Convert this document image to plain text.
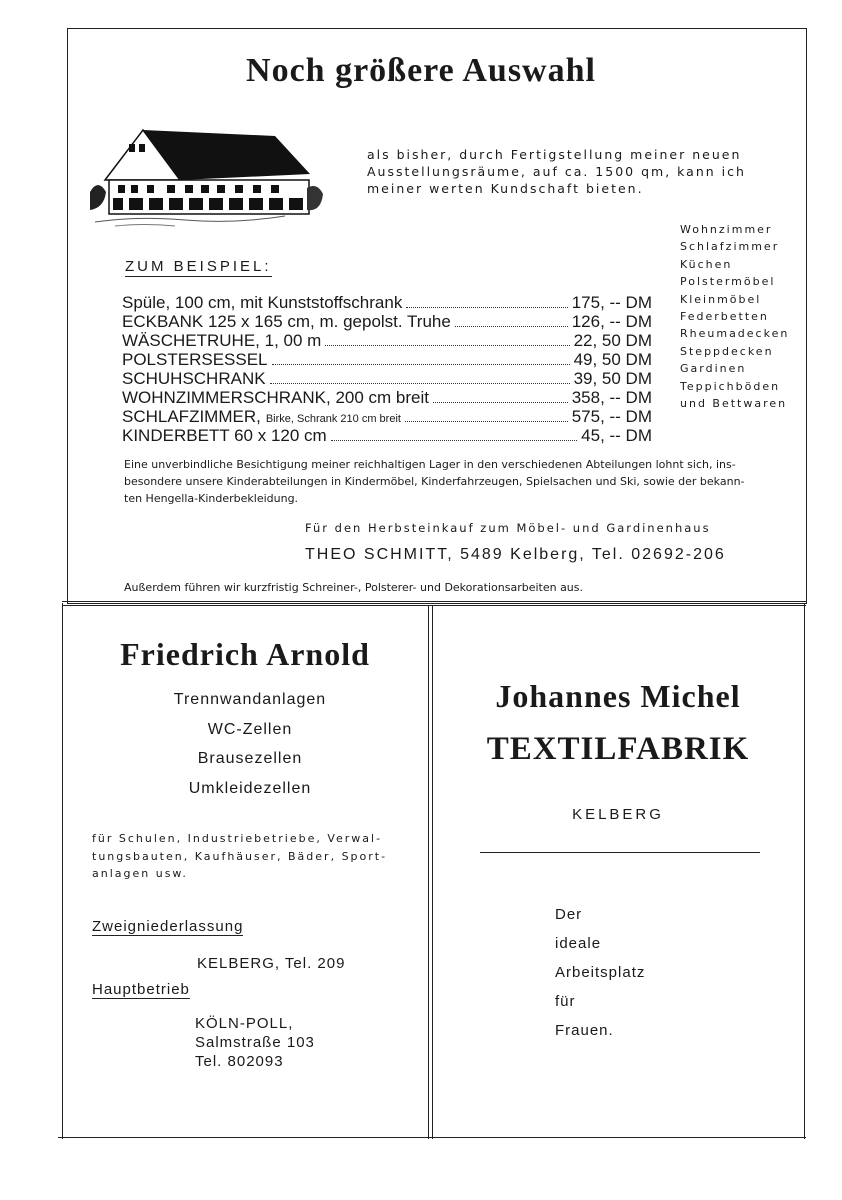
Noch größere Auswahl
als bisher, durch Fertigstellung meiner neuen
Ausstellungsräume, auf ca. 1500 qm, kann ich
meiner werten Kundschaft bieten.
ZUM BEISPIEL:
Spüle, 100 cm, mit Kunststoffschrank	175, -- DM
ECKBANK 125 x 165 cm, m. gepolst. Truhe	126, -- DM
WÄSCHETRUHE, 1, 00 m	22, 50 DM
POLSTERSESSEL	49, 50 DM
SCHUHSCHRANK	39, 50 DM
WOHNZIMMERSCHRANK, 200 cm breit	358, -- DM
SCHLAFZIMMER, Birke, Schrank 210 cm breit	575, -- DM
KINDERBETT 60 x 120 cm	45, -- DM
Wohnzimmer
Schlafzimmer
Küchen
Polstermöbel
Kleinmöbel
Federbetten
Rheumadecken
Steppdecken
Gardinen
Teppichböden
und Bettwaren
Eine unverbindliche Besichtigung meiner reichhaltigen Lager in den verschiedenen Abteilungen lohnt sich, ins-
besondere unsere Kinderabteilungen in Kindermöbel, Kinderfahrzeugen, Spielsachen und Ski, sowie der bekann-
ten Hengella-Kinderbekleidung.
Für den Herbsteinkauf zum Möbel- und Gardinenhaus
THEO SCHMITT, 5489 Kelberg, Tel. 02692-206
Außerdem führen wir kurzfristig Schreiner-, Polsterer- und Dekorationsarbeiten aus.
Friedrich Arnold
Trennwandanlagen
WC-Zellen
Brausezellen
Umkleidezellen
für Schulen, Industriebetriebe, Verwal-
tungsbauten, Kaufhäuser, Bäder, Sport-
anlagen usw.
Zweigniederlassung
KELBERG, Tel. 209
Hauptbetrieb
KÖLN-POLL,
Salmstraße 103
Tel. 802093
Johannes Michel
TEXTILFABRIK
KELBERG
Der
ideale
Arbeitsplatz
für
Frauen.
